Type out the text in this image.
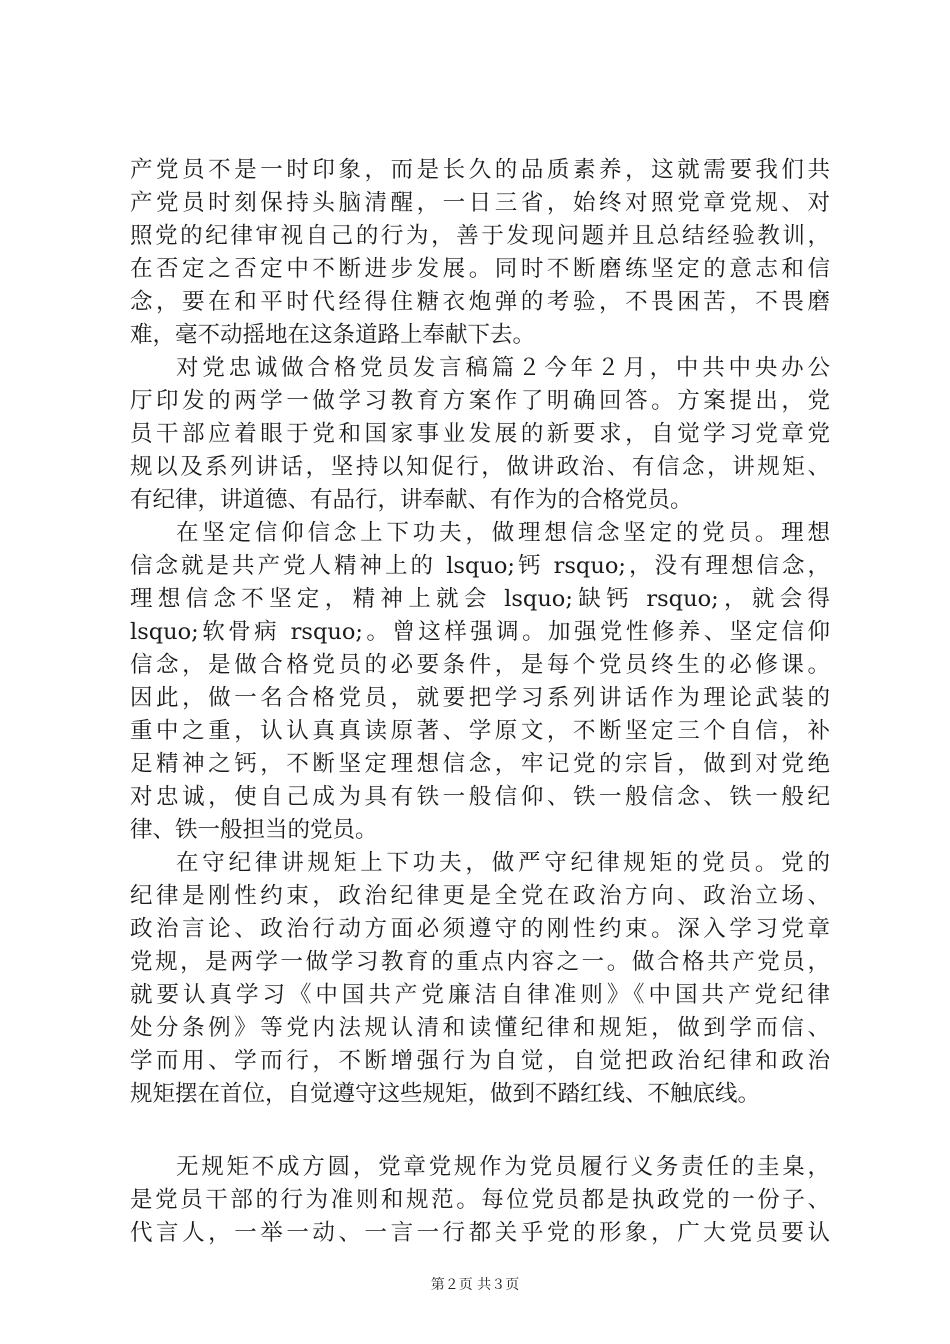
产党员不是一时印象，而是长久的品质素养，这就需要我们共
产党员时刻保持头脑清醒，一日三省，始终对照党章党规、对
照党的纪律审视自己的行为，善于发现问题并且总结经验教训，
在否定之否定中不断进步发展。同时不断磨练坚定的意志和信
念，要在和平时代经得住糖衣炮弹的考验，不畏困苦，不畏磨
难，毫不动摇地在这条道路上奉献下去。
对党忠诚做合格党员发言稿篇２今年２月，中共中央办公
厅印发的两学一做学习教育方案作了明确回答。方案提出，党
员干部应着眼于党和国家事业发展的新要求，自觉学习党章党
规以及系列讲话，坚持以知促行，做讲政治、有信念，讲规矩、
有纪律，讲道德、有品行，讲奉献、有作为的合格党员。
在坚定信仰信念上下功夫，做理想信念坚定的党员。理想
信念就是共产党人精神上的 lsquo;钙 rsquo;，没有理想信念，
理想信念不坚定，精神上就会 lsquo;缺钙 rsquo;，就会得
lsquo;软骨病 rsquo;。曾这样强调。加强党性修养、坚定信仰
信念，是做合格党员的必要条件，是每个党员终生的必修课。
因此，做一名合格党员，就要把学习系列讲话作为理论武装的
重中之重，认认真真读原著、学原文，不断坚定三个自信，补
足精神之钙，不断坚定理想信念，牢记党的宗旨，做到对党绝
对忠诚，使自己成为具有铁一般信仰、铁一般信念、铁一般纪
律、铁一般担当的党员。
在守纪律讲规矩上下功夫，做严守纪律规矩的党员。党的
纪律是刚性约束，政治纪律更是全党在政治方向、政治立场、
政治言论、政治行动方面必须遵守的刚性约束。深入学习党章
党规，是两学一做学习教育的重点内容之一。做合格共产党员，
就要认真学习《中国共产党廉洁自律准则》《中国共产党纪律
处分条例》等党内法规认清和读懂纪律和规矩，做到学而信、
学而用、学而行，不断增强行为自觉，自觉把政治纪律和政治
规矩摆在首位，自觉遵守这些规矩，做到不踏红线、不触底线。
无规矩不成方圆，党章党规作为党员履行义务责任的圭臬，
是党员干部的行为准则和规范。每位党员都是执政党的一份子、
代言人，一举一动、一言一行都关乎党的形象，广大党员要认
第２页 共３页
